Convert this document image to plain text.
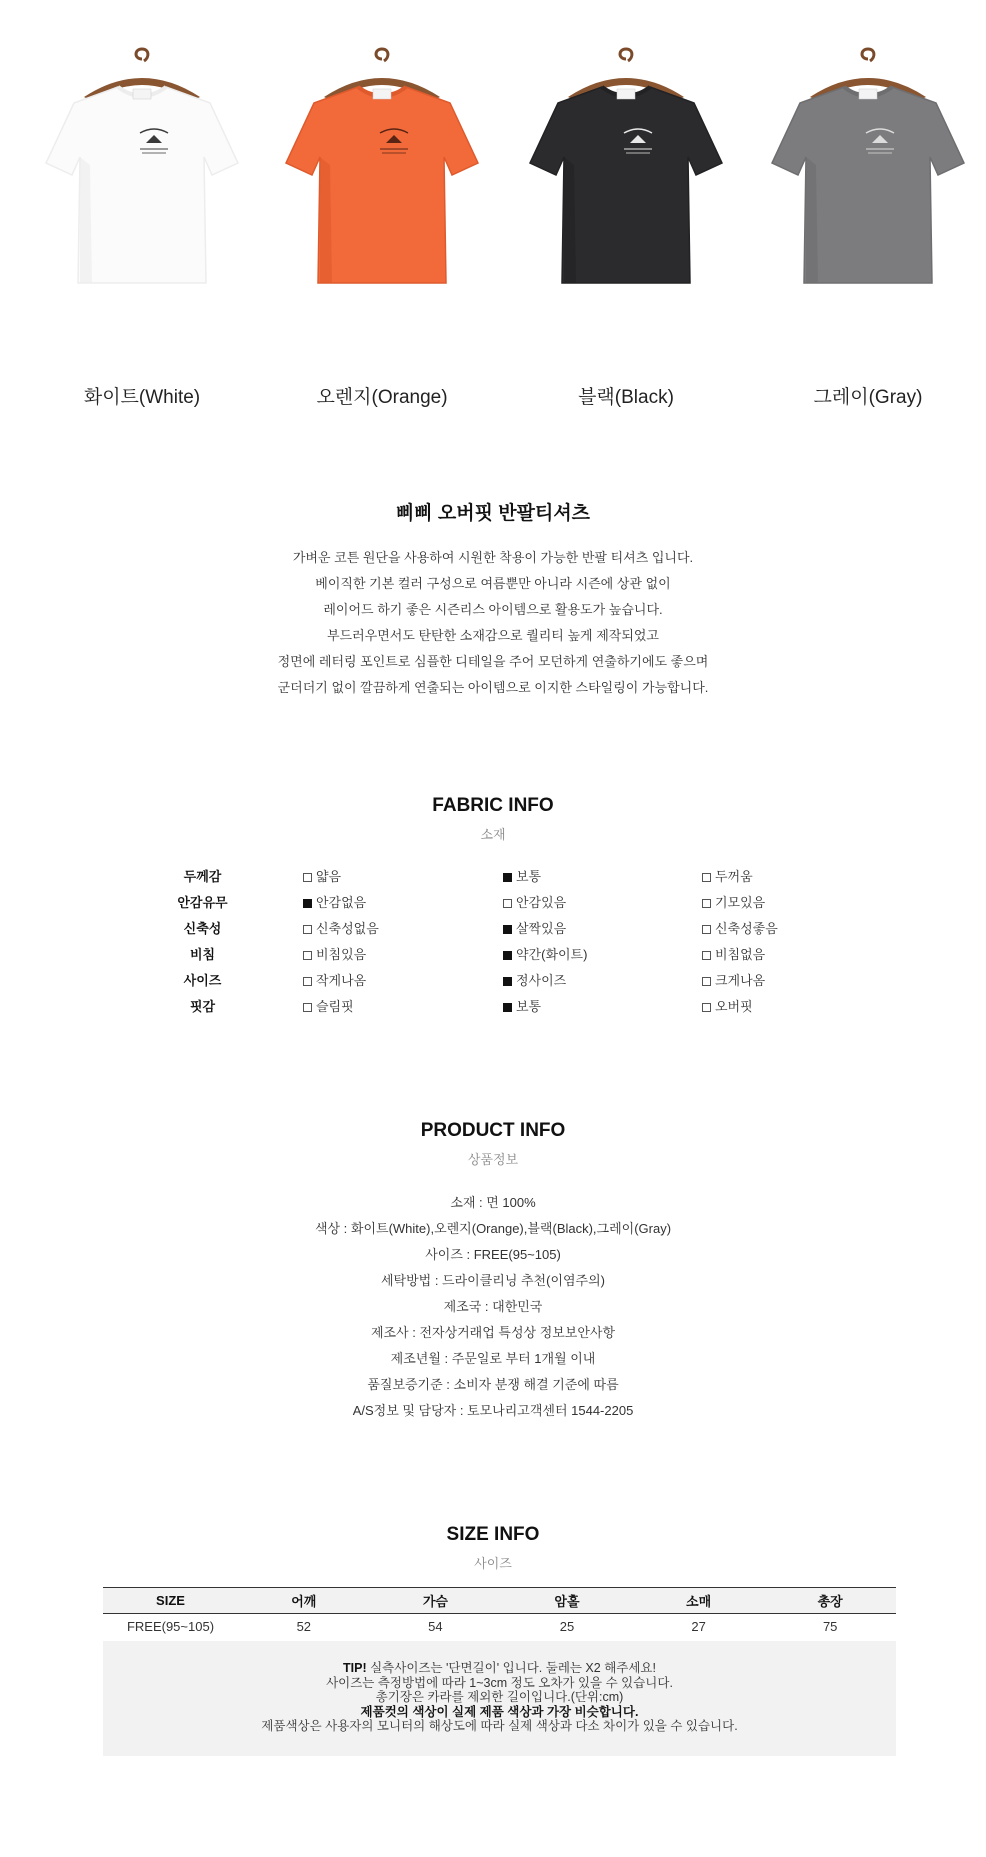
화이트(White)	오렌지(Orange)	블랙(Black)	그레이(Gray)
삐삐 오버핏 반팔티셔츠

가벼운 코튼 원단을 사용하여 시원한 착용이 가능한 반팔 티셔츠 입니다.

베이직한 기본 컬러 구성으로 여름뿐만 아니라 시즌에 상관 없이

레이어드 하기 좋은 시즌리스 아이템으로 활용도가 높습니다.

부드러우면서도 탄탄한 소재감으로 퀄리티 높게 제작되었고

정면에 레터링 포인트로 심플한 디테일을 주어 모던하게 연출하기에도 좋으며

군더더기 없이 깔끔하게 연출되는 아이템으로 이지한 스타일링이 가능합니다.

FABRIC INFO
소재
두께감	얇음	보통	두꺼움
안감유무	안감없음	안감있음	기모있음
신축성	신축성없음	살짝있음	신축성좋음
비침	비침있음	약간(화이트)	비침없음
사이즈	작게나옴	정사이즈	크게나옴
핏감	슬림핏	보통	오버핏
PRODUCT INFO
상품정보

소재 : 면 100%

색상 : 화이트(White),오렌지(Orange),블랙(Black),그레이(Gray)

사이즈 : FREE(95~105)

세탁방법 : 드라이클리닝 추천(이염주의)

제조국 : 대한민국

제조사 : 전자상거래업 특성상 정보보안사항

제조년월 : 주문일로 부터 1개월 이내

품질보증기준 : 소비자 분쟁 해결 기준에 따름

A/S정보 및 담당자 : 토모나리고객센터 1544-2205

SIZE INFO
사이즈
SIZE	어깨	가슴	암홀	소매	총장
FREE(95~105)	52	54	25	27	75

TIP! 실측사이즈는 '단면길이' 입니다. 둘레는 X2 해주세요!

사이즈는 측정방법에 따라 1~3cm 정도 오차가 있을 수 있습니다.

총기장은 카라를 제외한 길이입니다.(단위:cm)

제품컷의 색상이 실제 제품 색상과 가장 비슷합니다.

제품색상은 사용자의 모니터의 해상도에 따라 실제 색상과 다소 차이가 있을 수 있습니다.
